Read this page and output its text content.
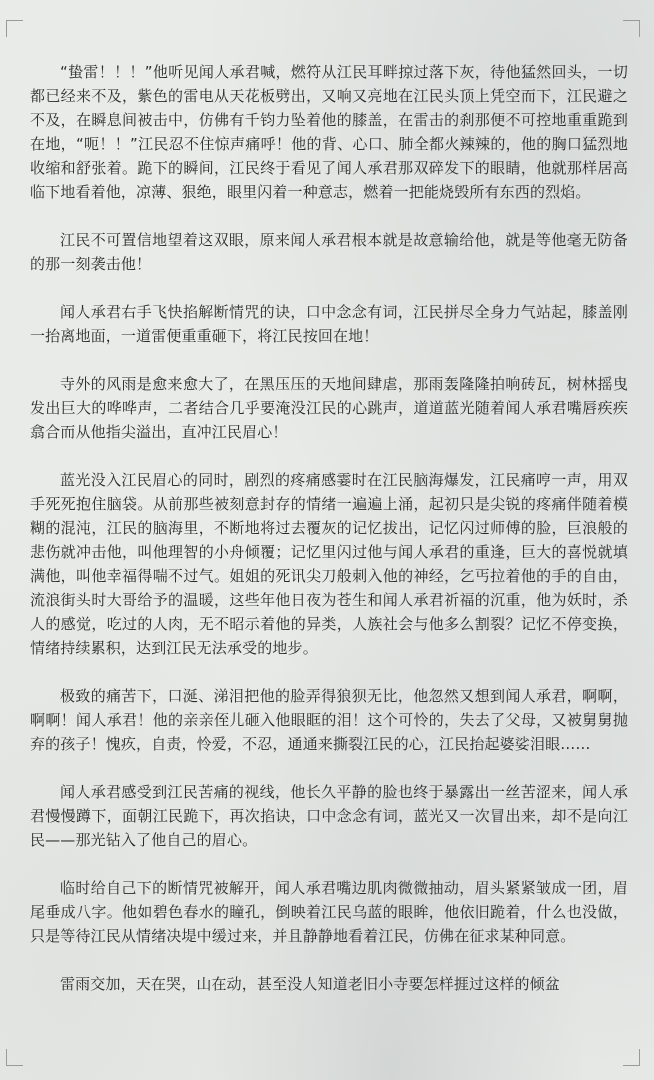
“蛰雷！！！”他听见闻人承君喊，燃符从江民耳畔掠过落下灰，待他猛然回头，一切都已经来不及，紫色的雷电从天花板劈出，又响又亮地在江民头顶上凭空而下，江民避之不及，在瞬息间被击中，仿佛有千钧力坠着他的膝盖，在雷击的刹那便不可控地重重跪到在地，“呃！！”江民忍不住惊声痛呼！他的背、心口、肺全都火辣辣的，他的胸口猛烈地收缩和舒张着。跪下的瞬间，江民终于看见了闻人承君那双碎发下的眼睛，他就那样居高临下地看着他，凉薄、狠绝，眼里闪着一种意志，燃着一把能烧毁所有东西的烈焰。

江民不可置信地望着这双眼，原来闻人承君根本就是故意输给他，就是等他毫无防备的那一刻袭击他！

闻人承君右手飞快掐解断情咒的诀，口中念念有词，江民拼尽全身力气站起，膝盖刚一抬离地面，一道雷便重重砸下，将江民按回在地！

寺外的风雨是愈来愈大了，在黑压压的天地间肆虐，那雨轰隆隆拍响砖瓦，树林摇曳发出巨大的哗哗声，二者结合几乎要淹没江民的心跳声，道道蓝光随着闻人承君嘴唇疾疾翕合而从他指尖溢出，直冲江民眉心！

蓝光没入江民眉心的同时，剧烈的疼痛感霎时在江民脑海爆发，江民痛哼一声，用双手死死抱住脑袋。从前那些被刻意封存的情绪一遍遍上涌，起初只是尖锐的疼痛伴随着模糊的混沌，江民的脑海里，不断地将过去覆灰的记忆拔出，记忆闪过师傅的脸，巨浪般的悲伤就冲击他，叫他理智的小舟倾覆；记忆里闪过他与闻人承君的重逢，巨大的喜悦就填满他，叫他幸福得喘不过气。姐姐的死讯尖刀般刺入他的神经，乞丐拉着他的手的自由，流浪街头时大哥给予的温暖，这些年他日夜为苍生和闻人承君祈福的沉重，他为妖时，杀人的感觉，吃过的人肉，无不昭示着他的异类，人族社会与他多么割裂？记忆不停变换，情绪持续累积，达到江民无法承受的地步。

极致的痛苦下，口涎、涕泪把他的脸弄得狼狈无比，他忽然又想到闻人承君，啊啊，啊啊！闻人承君！他的亲亲侄儿砸入他眼眶的泪！这个可怜的，失去了父母，又被舅舅抛弃的孩子！愧疚，自责，怜爱，不忍，通通来撕裂江民的心，江民抬起婆娑泪眼……

闻人承君感受到江民苦痛的视线，他长久平静的脸也终于暴露出一丝苦涩来，闻人承君慢慢蹲下，面朝江民跪下，再次掐诀，口中念念有词，蓝光又一次冒出来，却不是向江民——那光钻入了他自己的眉心。

临时给自己下的断情咒被解开，闻人承君嘴边肌肉微微抽动，眉头紧紧皱成一团，眉尾垂成八字。他如碧色春水的瞳孔，倒映着江民乌蓝的眼眸，他依旧跪着，什么也没做，只是等待江民从情绪决堤中缓过来，并且静静地看着江民，仿佛在征求某种同意。

雷雨交加，天在哭，山在动，甚至没人知道老旧小寺要怎样捱过这样的倾盆
